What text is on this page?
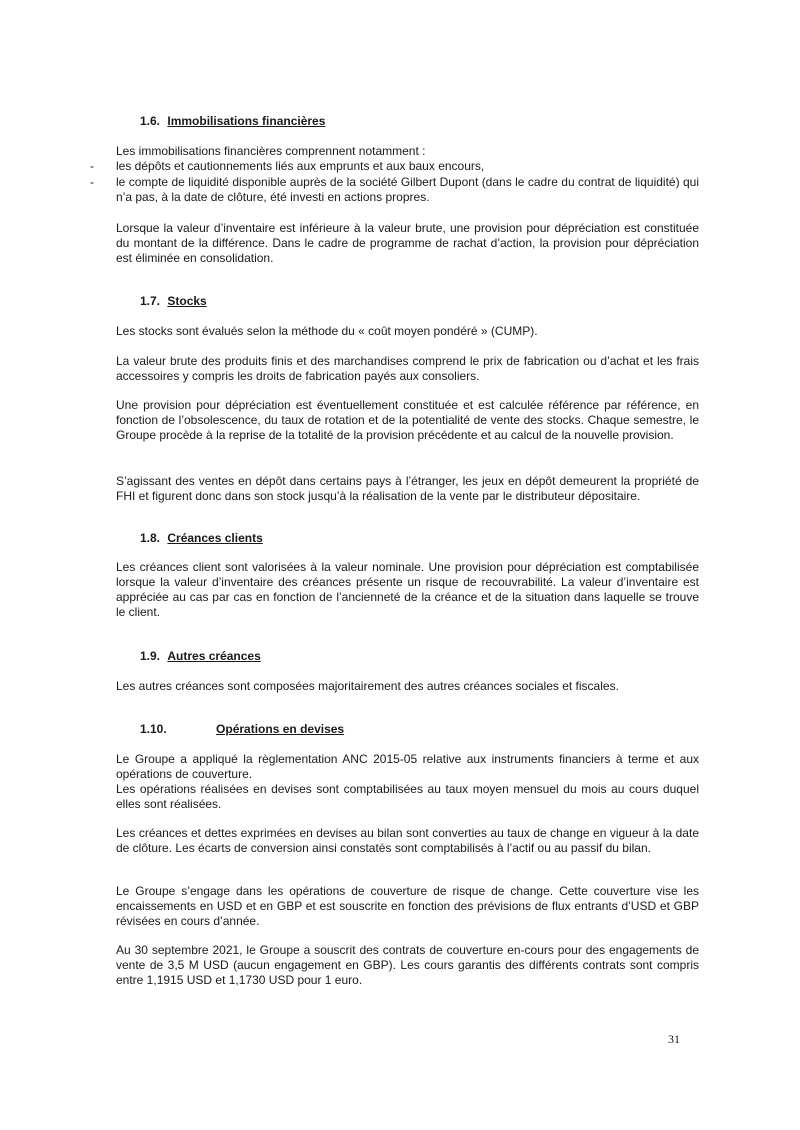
1.6. Immobilisations financières
Les immobilisations financières comprennent notamment :
- les dépôts et cautionnements liés aux emprunts et aux baux encours,
- le compte de liquidité disponible auprès de la société Gilbert Dupont (dans le cadre du contrat de liquidité) qui n’a pas, à la date de clôture, été investi en actions propres.
Lorsque la valeur d’inventaire est inférieure à la valeur brute, une provision pour dépréciation est constituée du montant de la différence. Dans le cadre de programme de rachat d’action, la provision pour dépréciation est éliminée en consolidation.
1.7. Stocks
Les stocks sont évalués selon la méthode du « coût moyen pondéré » (CUMP).
La valeur brute des produits finis et des marchandises comprend le prix de fabrication ou d’achat et les frais accessoires y compris les droits de fabrication payés aux consoliers.
Une provision pour dépréciation est éventuellement constituée et est calculée référence par référence, en fonction de l’obsolescence, du taux de rotation et de la potentialité de vente des stocks. Chaque semestre, le Groupe procède à la reprise de la totalité de la provision précédente et au calcul de la nouvelle provision.
S’agissant des ventes en dépôt dans certains pays à l’étranger, les jeux en dépôt demeurent la propriété de FHI et figurent donc dans son stock jusqu’à la réalisation de la vente par le distributeur dépositaire.
1.8. Créances clients
Les créances client sont valorisées à la valeur nominale. Une provision pour dépréciation est comptabilisée lorsque la valeur d’inventaire des créances présente un risque de recouvrabilité. La valeur d’inventaire est appréciée au cas par cas en fonction de l’ancienneté de la créance et de la situation dans laquelle se trouve le client.
1.9. Autres créances
Les autres créances sont composées majoritairement des autres créances sociales et fiscales.
1.10.	Opérations en devises
Le Groupe a appliqué la règlementation ANC 2015-05 relative aux instruments financiers à terme et aux opérations de couverture.
Les opérations réalisées en devises sont comptabilisées au taux moyen mensuel du mois au cours duquel elles sont réalisées.
Les créances et dettes exprimées en devises au bilan sont converties au taux de change en vigueur à la date de clôture. Les écarts de conversion ainsi constatés sont comptabilisés à l’actif ou au passif du bilan.
Le Groupe s’engage dans les opérations de couverture de risque de change. Cette couverture vise les encaissements en USD et en GBP et est souscrite en fonction des prévisions de flux entrants d’USD et GBP révisées en cours d’année.
Au 30 septembre 2021, le Groupe a souscrit des contrats de couverture en-cours pour des engagements de vente de 3,5 M USD (aucun engagement en GBP). Les cours garantis des différents contrats sont compris entre 1,1915 USD et 1,1730 USD pour 1 euro.
31
